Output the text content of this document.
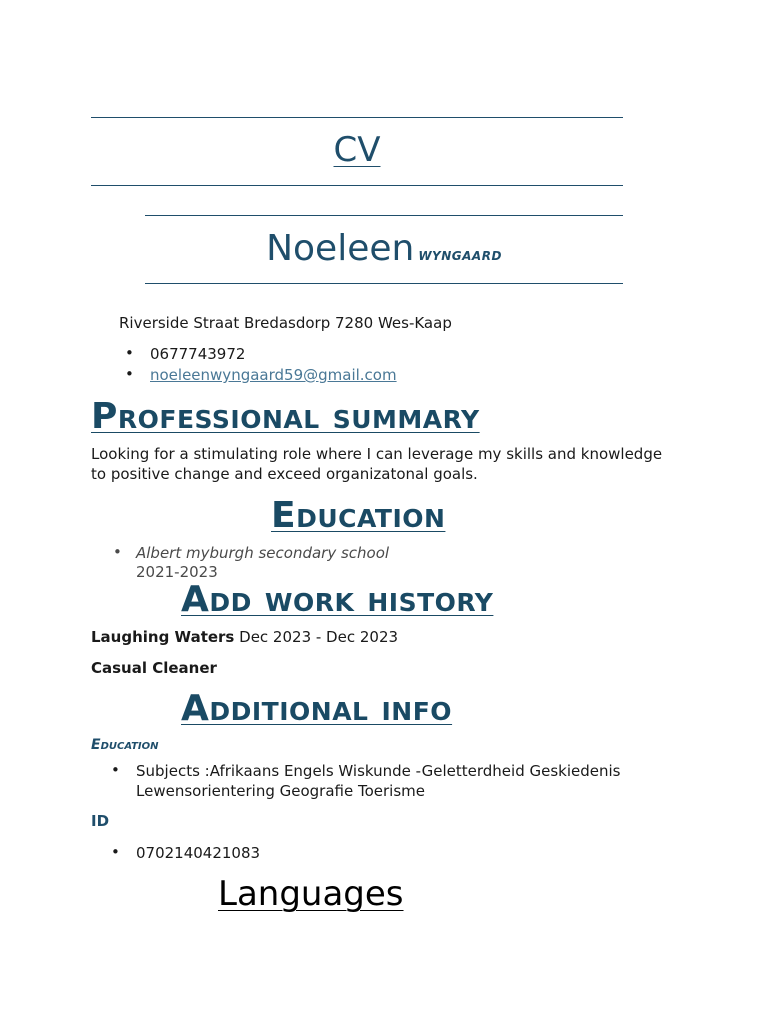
CV
Noeleen WYNGAARD
Riverside Straat Bredasdorp 7280 Wes-Kaap
• 0677743972
• noeleenwyngaard59@gmail.com
Professional summary
Looking for a stimulating role where I can leverage my skills and knowledge
to positive change and exceed organizatonal goals.
Education
• Albert myburgh secondary school
2021-2023
Add work history
Laughing Waters Dec 2023 - Dec 2023
Casual Cleaner
Additional info
Education
• Subjects :Afrikaans Engels Wiskunde -Geletterdheid Geskiedenis
Lewensorientering Geografie Toerisme
ID
• 0702140421083
Languages
